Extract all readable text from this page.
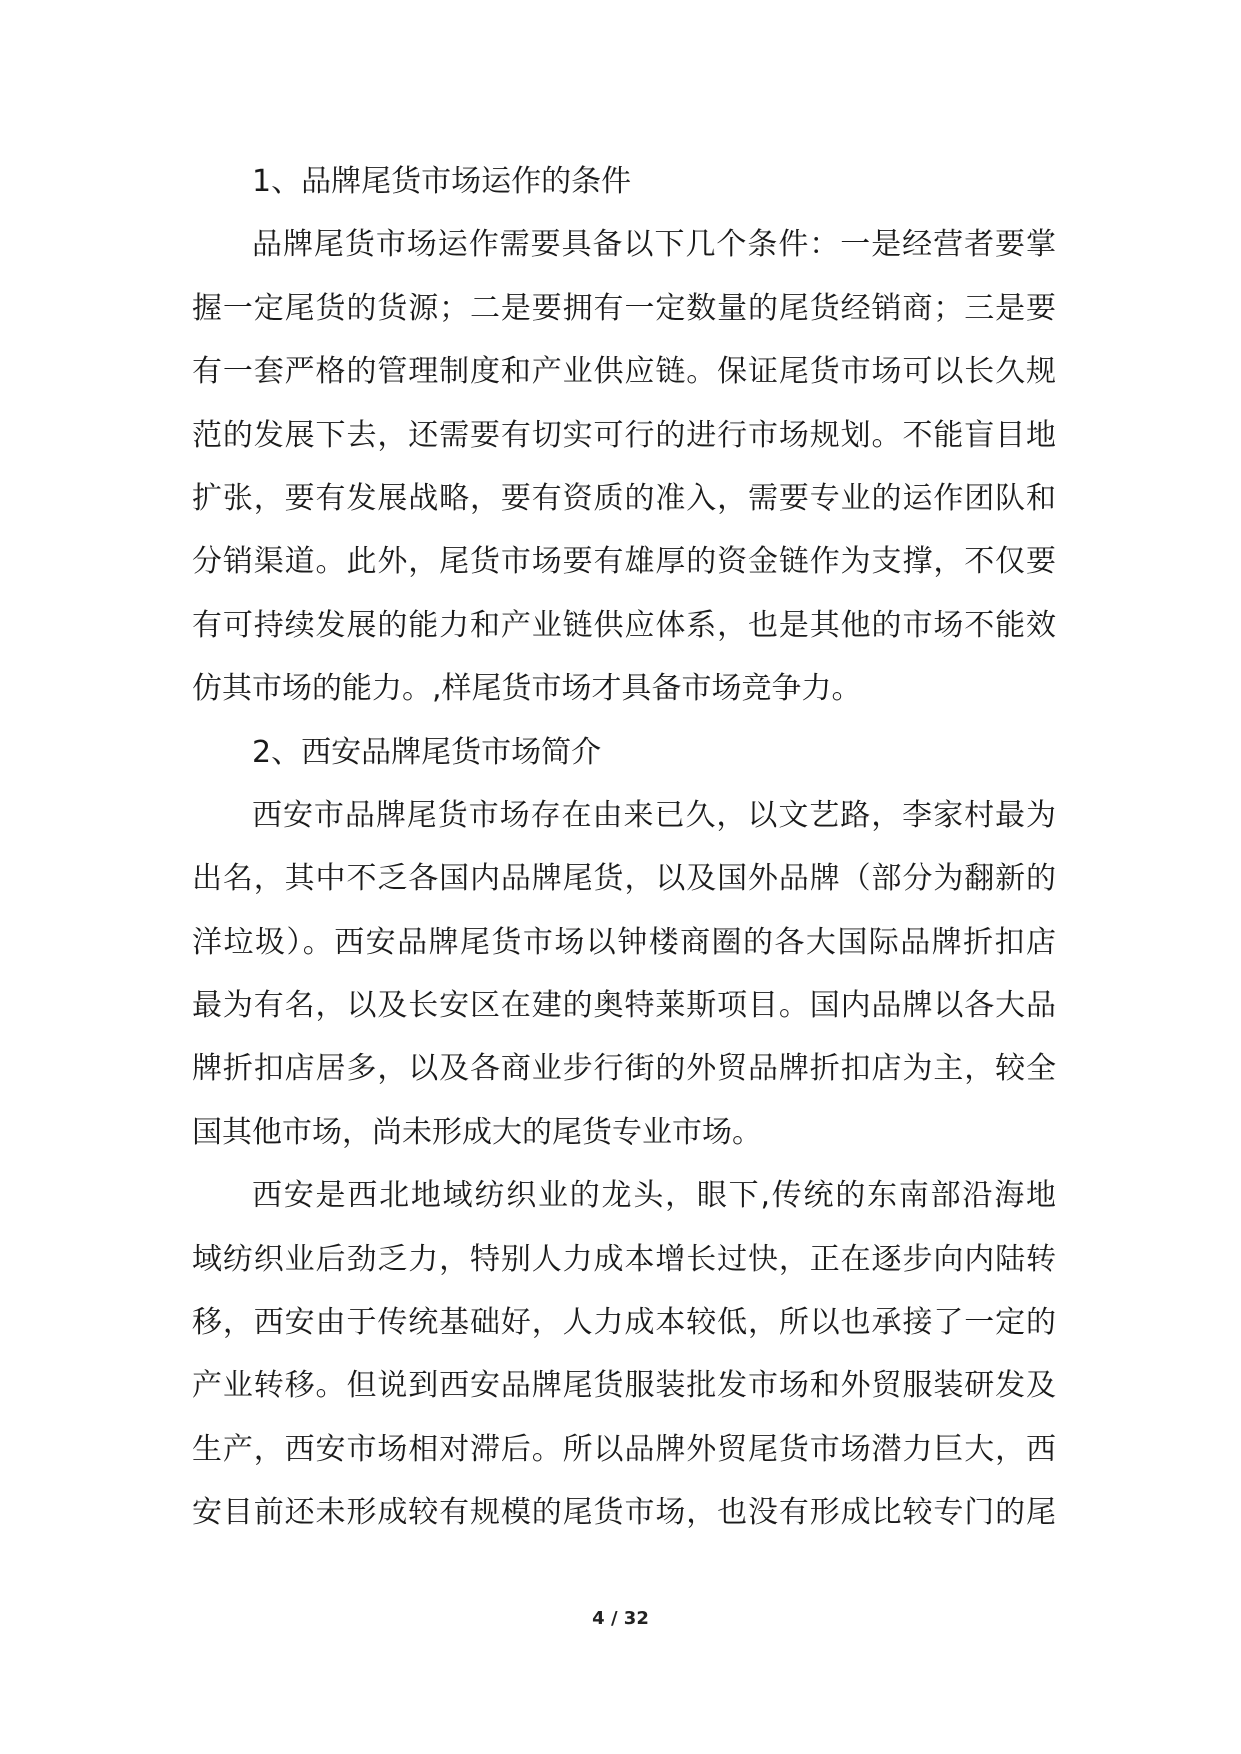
1、品牌尾货市场运作的条件
品牌尾货市场运作需要具备以下几个条件：一是经营者要掌
握一定尾货的货源；二是要拥有一定数量的尾货经销商；三是要
有一套严格的管理制度和产业供应链。保证尾货市场可以长久规
范的发展下去，还需要有切实可行的进行市场规划。不能盲目地
扩张，要有发展战略，要有资质的准入，需要专业的运作团队和
分销渠道。此外，尾货市场要有雄厚的资金链作为支撑，不仅要
有可持续发展的能力和产业链供应体系，也是其他的市场不能效
仿其市场的能力。,样尾货市场才具备市场竞争力。
2、西安品牌尾货市场简介
西安市品牌尾货市场存在由来已久，以文艺路，李家村最为
出名，其中不乏各国内品牌尾货，以及国外品牌（部分为翻新的
洋垃圾）。西安品牌尾货市场以钟楼商圈的各大国际品牌折扣店
最为有名，以及长安区在建的奥特莱斯项目。国内品牌以各大品
牌折扣店居多，以及各商业步行街的外贸品牌折扣店为主，较全
国其他市场，尚未形成大的尾货专业市场。
西安是西北地域纺织业的龙头，眼下,传统的东南部沿海地
域纺织业后劲乏力，特别人力成本增长过快，正在逐步向内陆转
移，西安由于传统基础好，人力成本较低，所以也承接了一定的
产业转移。但说到西安品牌尾货服装批发市场和外贸服装研发及
生产，西安市场相对滞后。所以品牌外贸尾货市场潜力巨大，西
安目前还未形成较有规模的尾货市场，也没有形成比较专门的尾
4 / 32
